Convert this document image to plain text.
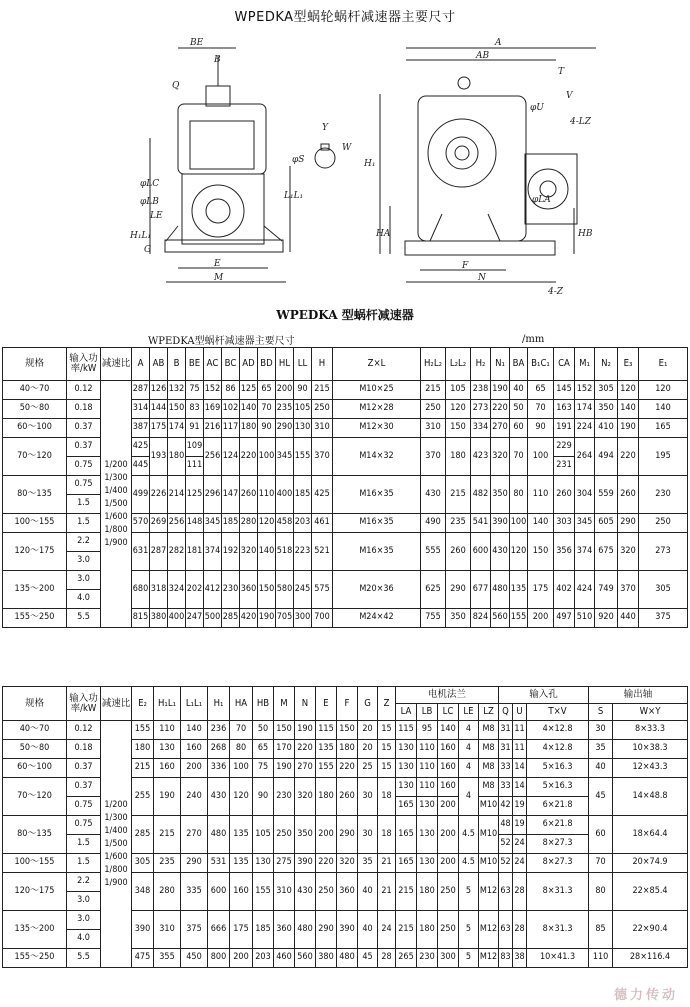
WPEDKA型蜗轮蜗杆减速器主要尺寸
BE
B
Q
φLC
φLB
H₁L₁
LE
G
E
M
Y
W
φS
L₁L₁
A
AB
T
φU
V
4-LZ
H₁
φLA
HA	HB
F
N
4-Z
WPEDKA 型蜗杆减速器
WPEDKA型蜗杆减速器主要尺寸	/mm
规格	输入功率/kW	减速比	A	AB	B	BE	AC	BC	AD	BD	HL	LL	H	Z×L	H₂L₂	L₂L₂	H₂	N₁	BA	B₁C₁	CA	M₁	N₂	E₃	E₁
40～70	0.12	1/200 1/300 1/400 1/500 1/600 1/800 1/900	287	126	132	75	152	86	125	65	200	90	215	M10×25	215	105	238	190	40	65	145	152	305	120	120
50～80	0.18		314	144	150	83	169	102	140	70	235	105	250	M12×28	250	120	273	220	50	70	163	174	350	140	140
60～100	0.37		387	175	174	91	216	117	180	90	290	130	310	M12×30	310	150	334	270	60	90	191	224	410	190	165
70～120	0.37		425	193	180	109	256	124	220	100	345	155	370	M14×32	370	180	423	320	70	100	229	264	494	220	195
	0.75		445			111															231				
80～135	0.75		499	226	214	125	296	147	260	110	400	185	425	M16×35	430	215	482	350	80	110	260	304	559	260	230
	1.5																								
100～155	1.5		570	269	256	148	345	185	280	120	458	203	461	M16×35	490	235	541	390	100	140	303	345	605	290	250
120～175	2.2		631	287	282	181	374	192	320	140	518	223	521	M16×35	555	260	600	430	120	150	356	374	675	320	273
	3.0																								
135～200	3.0		680	318	324	202	412	230	360	150	580	245	575	M20×36	625	290	677	480	135	175	402	424	749	370	305
	4.0																								
155～250	5.5		815	380	400	247	500	285	420	190	705	300	700	M24×42	755	350	824	560	155	200	497	510	920	440	375
规格	输入功率/kW	减速比	E₂	H₁L₁	L₁L₁	H₁	HA	HB	M	N	E	F	G	Z	电机法兰					输入孔			输出轴	
															LA	LB	LC	LE	LZ	Q	U	T×V	S	W×Y
40～70	0.12	1/200 1/300 1/400 1/500 1/600 1/800 1/900	155	110	140	236	70	50	150	190	115	150	20	15	115	95	140	4	M8	31	11	4×12.8	30	8×33.3
50～80	0.18		180	130	160	268	80	65	170	220	135	180	20	15	130	110	160	4	M8	31	11	4×12.8	35	10×38.3
60～100	0.37		215	160	200	336	100	75	190	270	155	220	25	15	130	110	160	4	M8	33	14	5×16.3	40	12×43.3
70～120	0.37		255	190	240	430	120	90	230	320	180	260	30	18	130	110	160	4	M8	33	14	5×16.3	45	14×48.8
	0.75														165	130	200		M10	42	19	6×21.8		
80～135	0.75		285	215	270	480	135	105	250	350	200	290	30	18	165	130	200	4.5	M10	48	19	6×21.8	60	18×64.4
	1.5																			52	24	8×27.3		
100～155	1.5		305	235	290	531	135	130	275	390	220	320	35	21	165	130	200	4.5	M10	52	24	8×27.3	70	20×74.9
120～175	2.2		348	280	335	600	160	155	310	430	250	360	40	21	215	180	250	5	M12	63	28	8×31.3	80	22×85.4
	3.0																							
135～200	3.0		390	310	375	666	175	185	360	480	290	390	40	24	215	180	250	5	M12	63	28	8×31.3	85	22×90.4
	4.0																							
155～250	5.5		475	355	450	800	200	203	460	560	380	480	45	28	265	230	300	5	M12	83	38	10×41.3	110	28×116.4
德力传动
